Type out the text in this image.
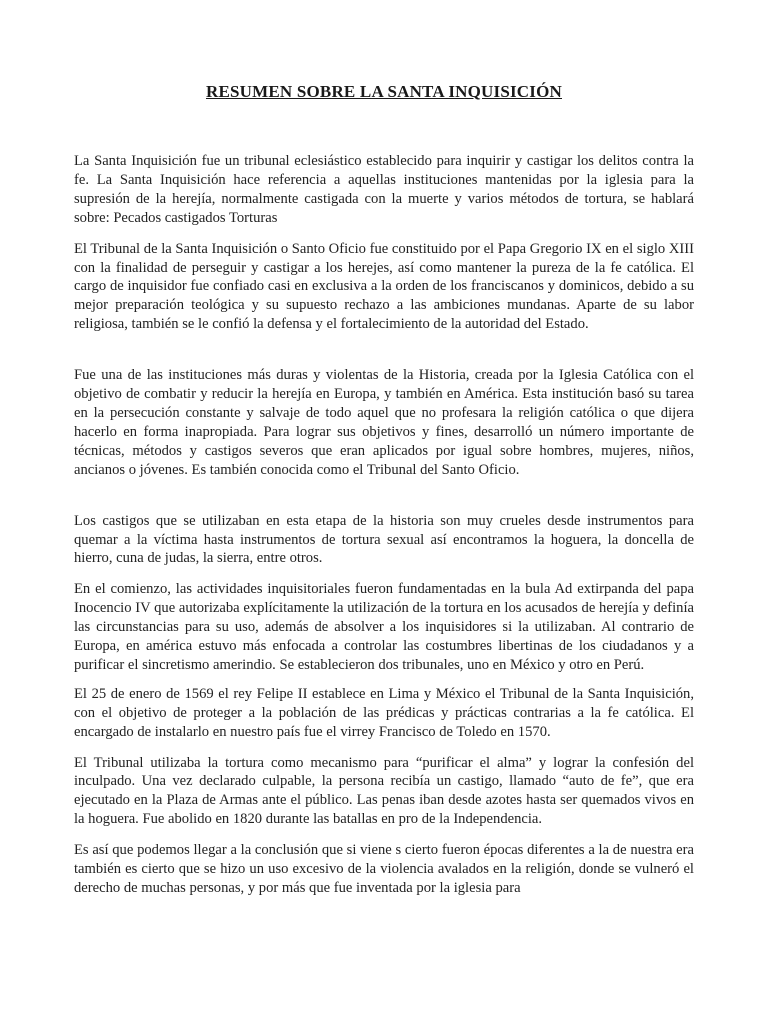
RESUMEN SOBRE LA SANTA INQUISICIÓN

La Santa Inquisición fue un tribunal eclesiástico establecido para inquirir y castigar los delitos contra la fe. La Santa Inquisición hace referencia a aquellas instituciones mantenidas por la iglesia para la supresión de la herejía, normalmente castigada con la muerte y varios métodos de tortura, se hablará sobre: Pecados castigados Torturas

El Tribunal de la Santa Inquisición o Santo Oficio fue constituido por el Papa Gregorio IX en el siglo XIII con la finalidad de perseguir y castigar a los herejes, así como mantener la pureza de la fe católica. El cargo de inquisidor fue confiado casi en exclusiva a la orden de los franciscanos y dominicos, debido a su mejor preparación teológica y su supuesto rechazo a las ambiciones mundanas. Aparte de su labor religiosa, también se le confió la defensa y el fortalecimiento de la autoridad del Estado.

Fue una de las instituciones más duras y violentas de la Historia, creada por la Iglesia Católica con el objetivo de combatir y reducir la herejía en Europa, y también en América. Esta institución basó su tarea en la persecución constante y salvaje de todo aquel que no profesara la religión católica o que dijera hacerlo en forma inapropiada. Para lograr sus objetivos y fines, desarrolló un número importante de técnicas, métodos y castigos severos que eran aplicados por igual sobre hombres, mujeres, niños, ancianos o jóvenes. Es también conocida como el Tribunal del Santo Oficio.

Los castigos que se utilizaban en esta etapa de la historia son muy crueles desde instrumentos para quemar a la víctima hasta instrumentos de tortura sexual así encontramos la hoguera, la doncella de hierro, cuna de judas, la sierra, entre otros.

En el comienzo, las actividades inquisitoriales fueron fundamentadas en la bula Ad extirpanda del papa Inocencio IV que autorizaba explícitamente la utilización de la tortura en los acusados de herejía y definía las circunstancias para su uso, además de absolver a los inquisidores si la utilizaban. Al contrario de Europa, en américa estuvo más enfocada a controlar las costumbres libertinas de los ciudadanos y a purificar el sincretismo amerindio. Se establecieron dos tribunales, uno en México y otro en Perú.

El 25 de enero de 1569 el rey Felipe II establece en Lima y México el Tribunal de la Santa Inquisición, con el objetivo de proteger a la población de las prédicas y prácticas contrarias a la fe católica. El encargado de instalarlo en nuestro país fue el virrey Francisco de Toledo en 1570.

El Tribunal utilizaba la tortura como mecanismo para “purificar el alma” y lograr la confesión del inculpado. Una vez declarado culpable, la persona recibía un castigo, llamado “auto de fe”, que era ejecutado en la Plaza de Armas ante el público. Las penas iban desde azotes hasta ser quemados vivos en la hoguera. Fue abolido en 1820 durante las batallas en pro de la Independencia.

Es así que podemos llegar a la conclusión que si viene s cierto fueron épocas diferentes a la de nuestra era también es cierto que se hizo un uso excesivo de la violencia avalados en la religión, donde se vulneró el derecho de muchas personas, y por más que fue inventada por la iglesia para
